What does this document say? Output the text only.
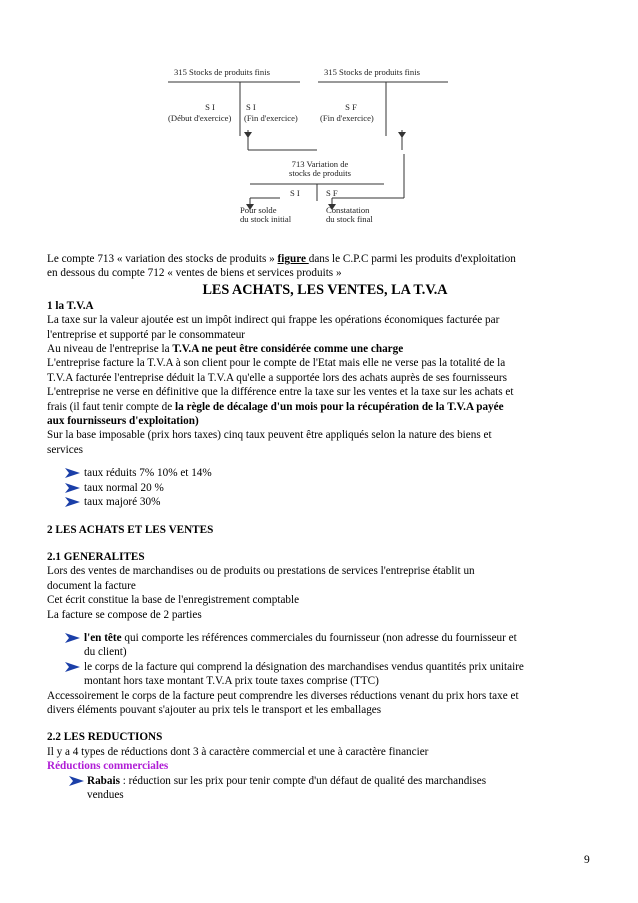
315 Stocks de produits finis	315 Stocks de produits finis
S I
(Début d'exercice)
S I
(Fin d'exercice)
S F
(Fin d'exercice)
713 Variation de
stocks de produits
S I	S F
Pour solde
du stock initial
Constatation
du stock final

Le compte 713 « variation des stocks de produits » figure dans le C.P.C parmi les produits d'exploitation

en dessous du compte 712 « ventes de biens et services produits »

LES ACHATS, LES VENTES, LA T.V.A

1 la T.V.A

La taxe sur la valeur ajoutée est un impôt indirect qui frappe les opérations économiques facturée par

l'entreprise et supporté par le consommateur

Au niveau de l'entreprise la T.V.A ne peut être considérée comme une charge

L'entreprise facture la T.V.A à son client pour le compte de l'Etat mais elle ne verse pas la totalité de la

T.V.A facturée l'entreprise déduit la T.V.A qu'elle a supportée lors des achats auprès de ses fournisseurs

L'entreprise ne verse en définitive que la différence entre la taxe sur les ventes et la taxe sur les achats et

frais (il faut tenir compte de la règle de décalage d'un mois pour la récupération de la T.V.A payée

aux fournisseurs d'exploitation)

Sur la base imposable (prix hors taxes) cinq taux peuvent être appliqués selon la nature des biens et

services

taux réduits 7% 10% et 14%
taux normal 20 %
taux majoré 30%

2 LES ACHATS ET LES VENTES

2.1 GENERALITES

Lors des ventes de marchandises ou de produits ou prestations de services l'entreprise établit un

document la facture

Cet écrit constitue la base de l'enregistrement comptable

La facture se compose de 2 parties

l'en tête qui comporte les références commerciales du fournisseur (non adresse du fournisseur et
du client)
le corps de la facture qui comprend la désignation des marchandises vendus quantités prix unitaire
montant hors taxe montant T.V.A prix toute taxes comprise (TTC)

Accessoirement le corps de la facture peut comprendre les diverses réductions venant du prix hors taxe et

divers éléments pouvant s'ajouter au prix tels le transport et les emballages

2.2 LES REDUCTIONS

Il y a 4 types de réductions dont 3 à caractère commercial et une à caractère financier

Réductions commerciales

Rabais : réduction sur les prix pour tenir compte d'un défaut de qualité des marchandises
vendues
9
